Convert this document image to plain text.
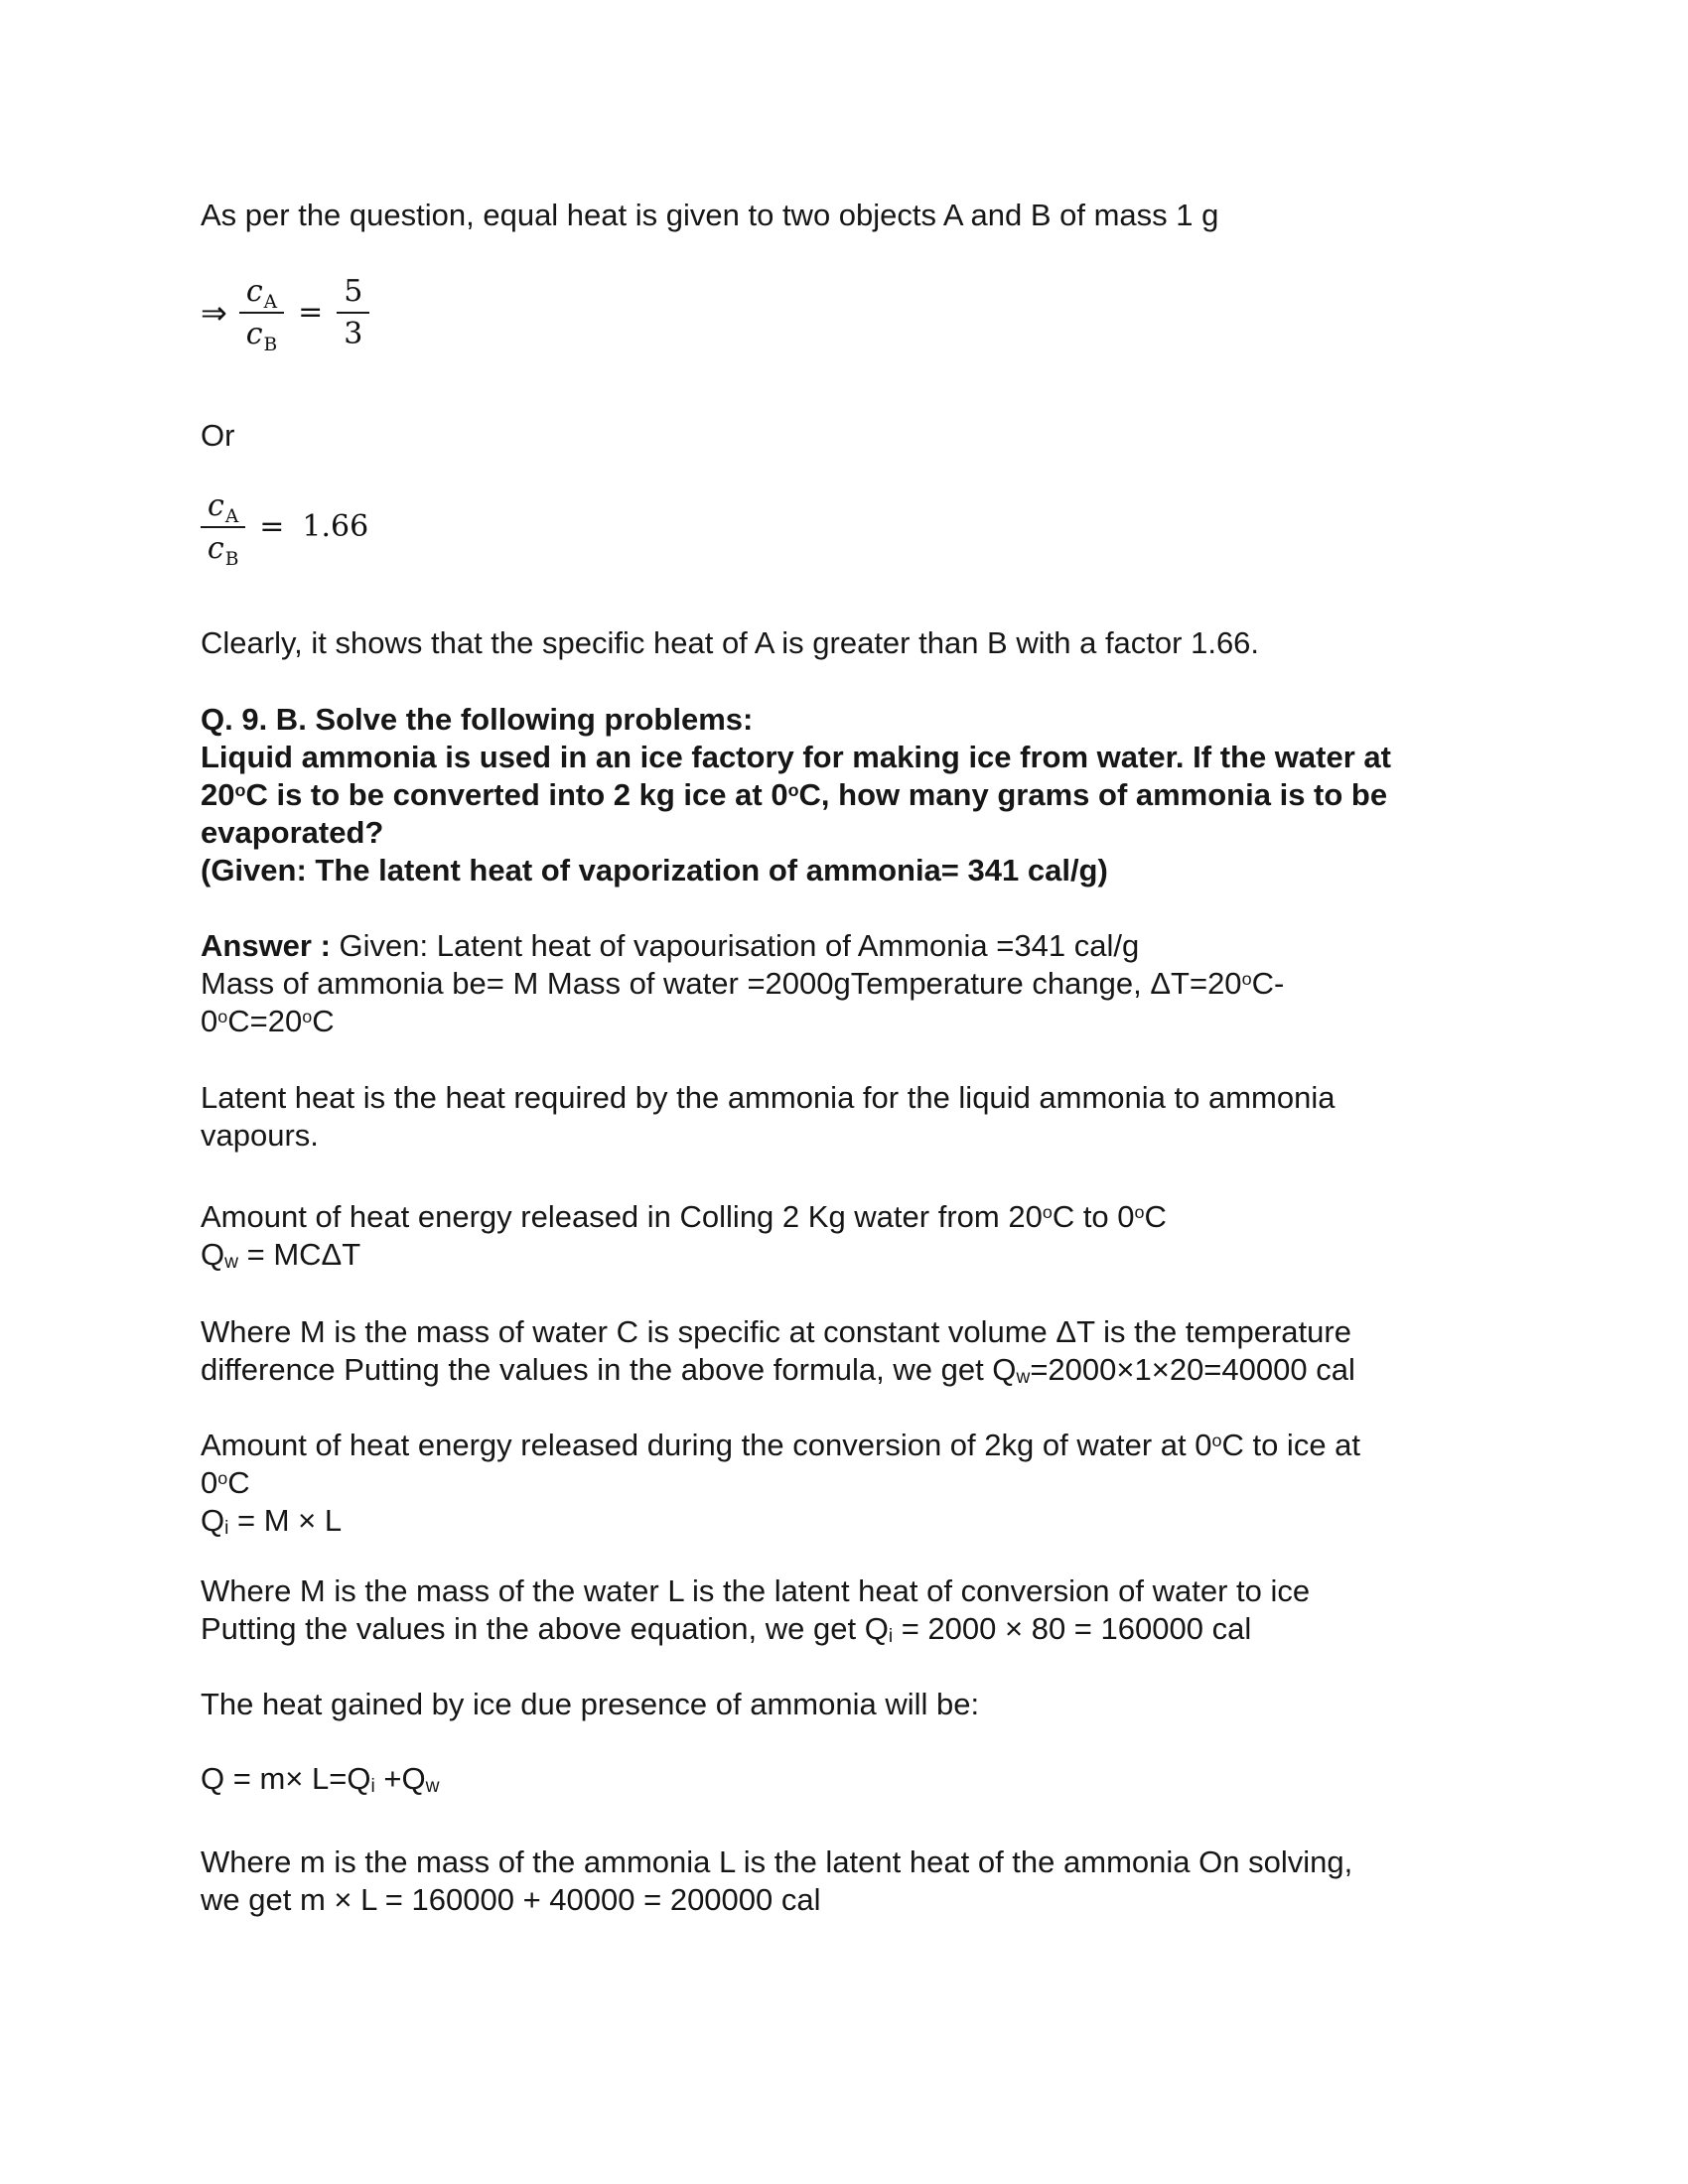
As per the question, equal heat is given to two objects A and B of mass 1 g
⇒ $\frac{c_A}{c_B} = \frac{5}{3}$
Or
$\frac{c_A}{c_B} = 1.66$
Clearly, it shows that the specific heat of A is greater than B with a factor 1.66.
Q. 9. B. Solve the following problems:
Liquid ammonia is used in an ice factory for making ice from water. If the water at
20$^o$C is to be converted into 2 kg ice at 0$^o$C, how many grams of ammonia is to be
evaporated?
(Given: The latent heat of vaporization of ammonia= 341 cal/g)
Answer : Given: Latent heat of vapourisation of Ammonia =341 cal/g
Mass of ammonia be= M Mass of water =2000gTemperature change, $\Delta T=20^oC-$
$0^oC=20^oC$
Latent heat is the heat required by the ammonia for the liquid ammonia to ammonia
vapours.
Amount of heat energy released in Colling 2 Kg water from 20$^o$C to 0$^o$C
Qw = MCΔT
Where M is the mass of water C is specific at constant volume ΔT is the temperature
difference Putting the values in the above formula, we get Qw=2000×1×20=40000 cal
Amount of heat energy released during the conversion of 2kg of water at 0$^o$C to ice at
0$^o$C
Qi = M × L
Where M is the mass of the water L is the latent heat of conversion of water to ice
Putting the values in the above equation, we get Qi = 2000 × 80 = 160000 cal
The heat gained by ice due presence of ammonia will be:
Q = m× L=Qi +Qw
Where m is the mass of the ammonia L is the latent heat of the ammonia On solving,
we get m × L = 160000 + 40000 = 200000 cal
